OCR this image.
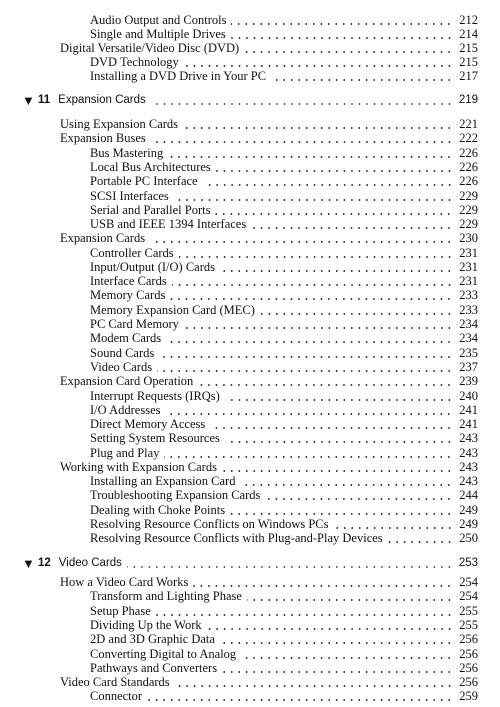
Audio Output and Controls	212
Single and Multiple Drives	214
Digital Versatile/Video Disc (DVD)	215
DVD Technology	215
Installing a DVD Drive in Your PC	217
▼ 11 Expansion Cards	219
Using Expansion Cards	221
Expansion Buses	222
Bus Mastering	226
Local Bus Architectures	226
Portable PC Interface	226
SCSI Interfaces	229
Serial and Parallel Ports	229
USB and IEEE 1394 Interfaces	229
Expansion Cards	230
Controller Cards	231
Input/Output (I/O) Cards	231
Interface Cards	231
Memory Cards	233
Memory Expansion Card (MEC)	233
PC Card Memory	234
Modem Cards	234
Sound Cards	235
Video Cards	237
Expansion Card Operation	239
Interrupt Requests (IRQs)	240
I/O Addresses	241
Direct Memory Access	241
Setting System Resources	243
Plug and Play	243
Working with Expansion Cards	243
Installing an Expansion Card	243
Troubleshooting Expansion Cards	244
Dealing with Choke Points	249
Resolving Resource Conflicts on Windows PCs	249
Resolving Resource Conflicts with Plug-and-Play Devices	250
▼ 12 Video Cards	253
How a Video Card Works	254
Transform and Lighting Phase	254
Setup Phase	255
Dividing Up the Work	255
2D and 3D Graphic Data	256
Converting Digital to Analog	256
Pathways and Converters	256
Video Card Standards	256
Connector	259
